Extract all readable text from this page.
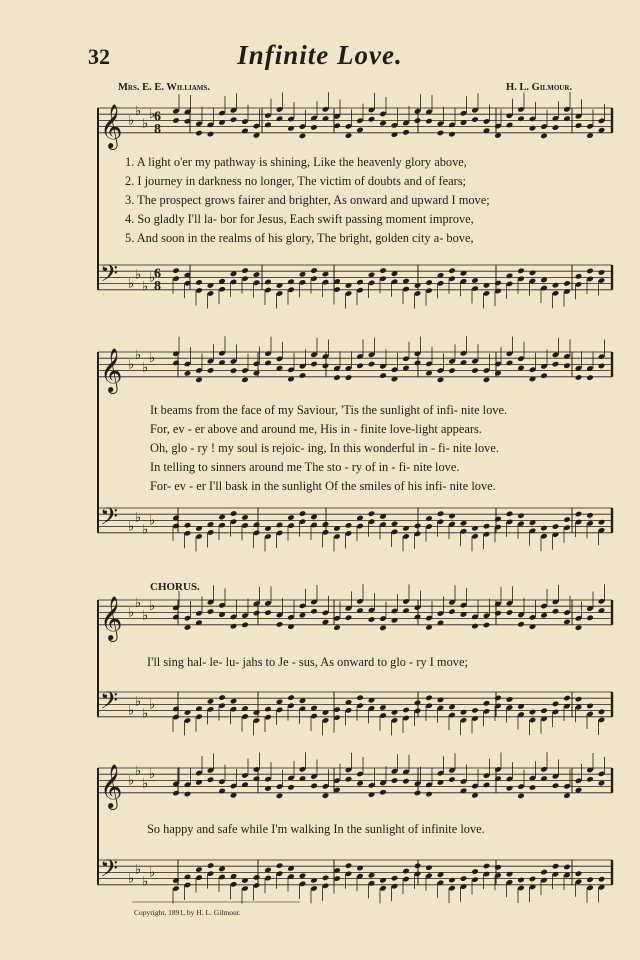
32	Infinite Love.
Mrs. E. E. Williams.	H. L. Gilmour.
♭
♭
♭
♭
𝄞 6
8
♭
♭
♭
♭
𝄢	6
8
♭
♭
♭
♭
𝄞
♭
♭
♭
♭
𝄢
♭
♭
♭
♭
𝄞
♭
♭
♭
♭
𝄢
♭
♭
♭
♭
𝄞
♭
♭
♭
♭
𝄢
1. A light o'er my pathway is shining, Like the heavenly glory above,
2. I journey in darkness no longer, The victim of doubts and of fears;
3. The prospect grows fairer and brighter, As onward and upward I move;
4. So gladly I'll la- bor for Jesus, Each swift passing moment improve,
5. And soon in the realms of his glory, The bright, golden city a- bove,
It beams from the face of my Saviour, 'Tis the sunlight of infi- nite love.
For, ev - er above and around me, His in - finite love-light appears.
Oh, glo - ry ! my soul is rejoic- ing, In this wonderful in - fi- nite love.
In telling to sinners around me The sto - ry of in - fi- nite love.
For- ev - er I'll bask in the sunlight Of the smiles of his infi- nite love.
CHORUS.
I'll sing hal- le- lu- jahs to Je - sus, As onward to glo - ry I move;
So happy and safe while I'm walking In the sunlight of infinite love.
Copyright, 1891, by H. L. Gilmour.
